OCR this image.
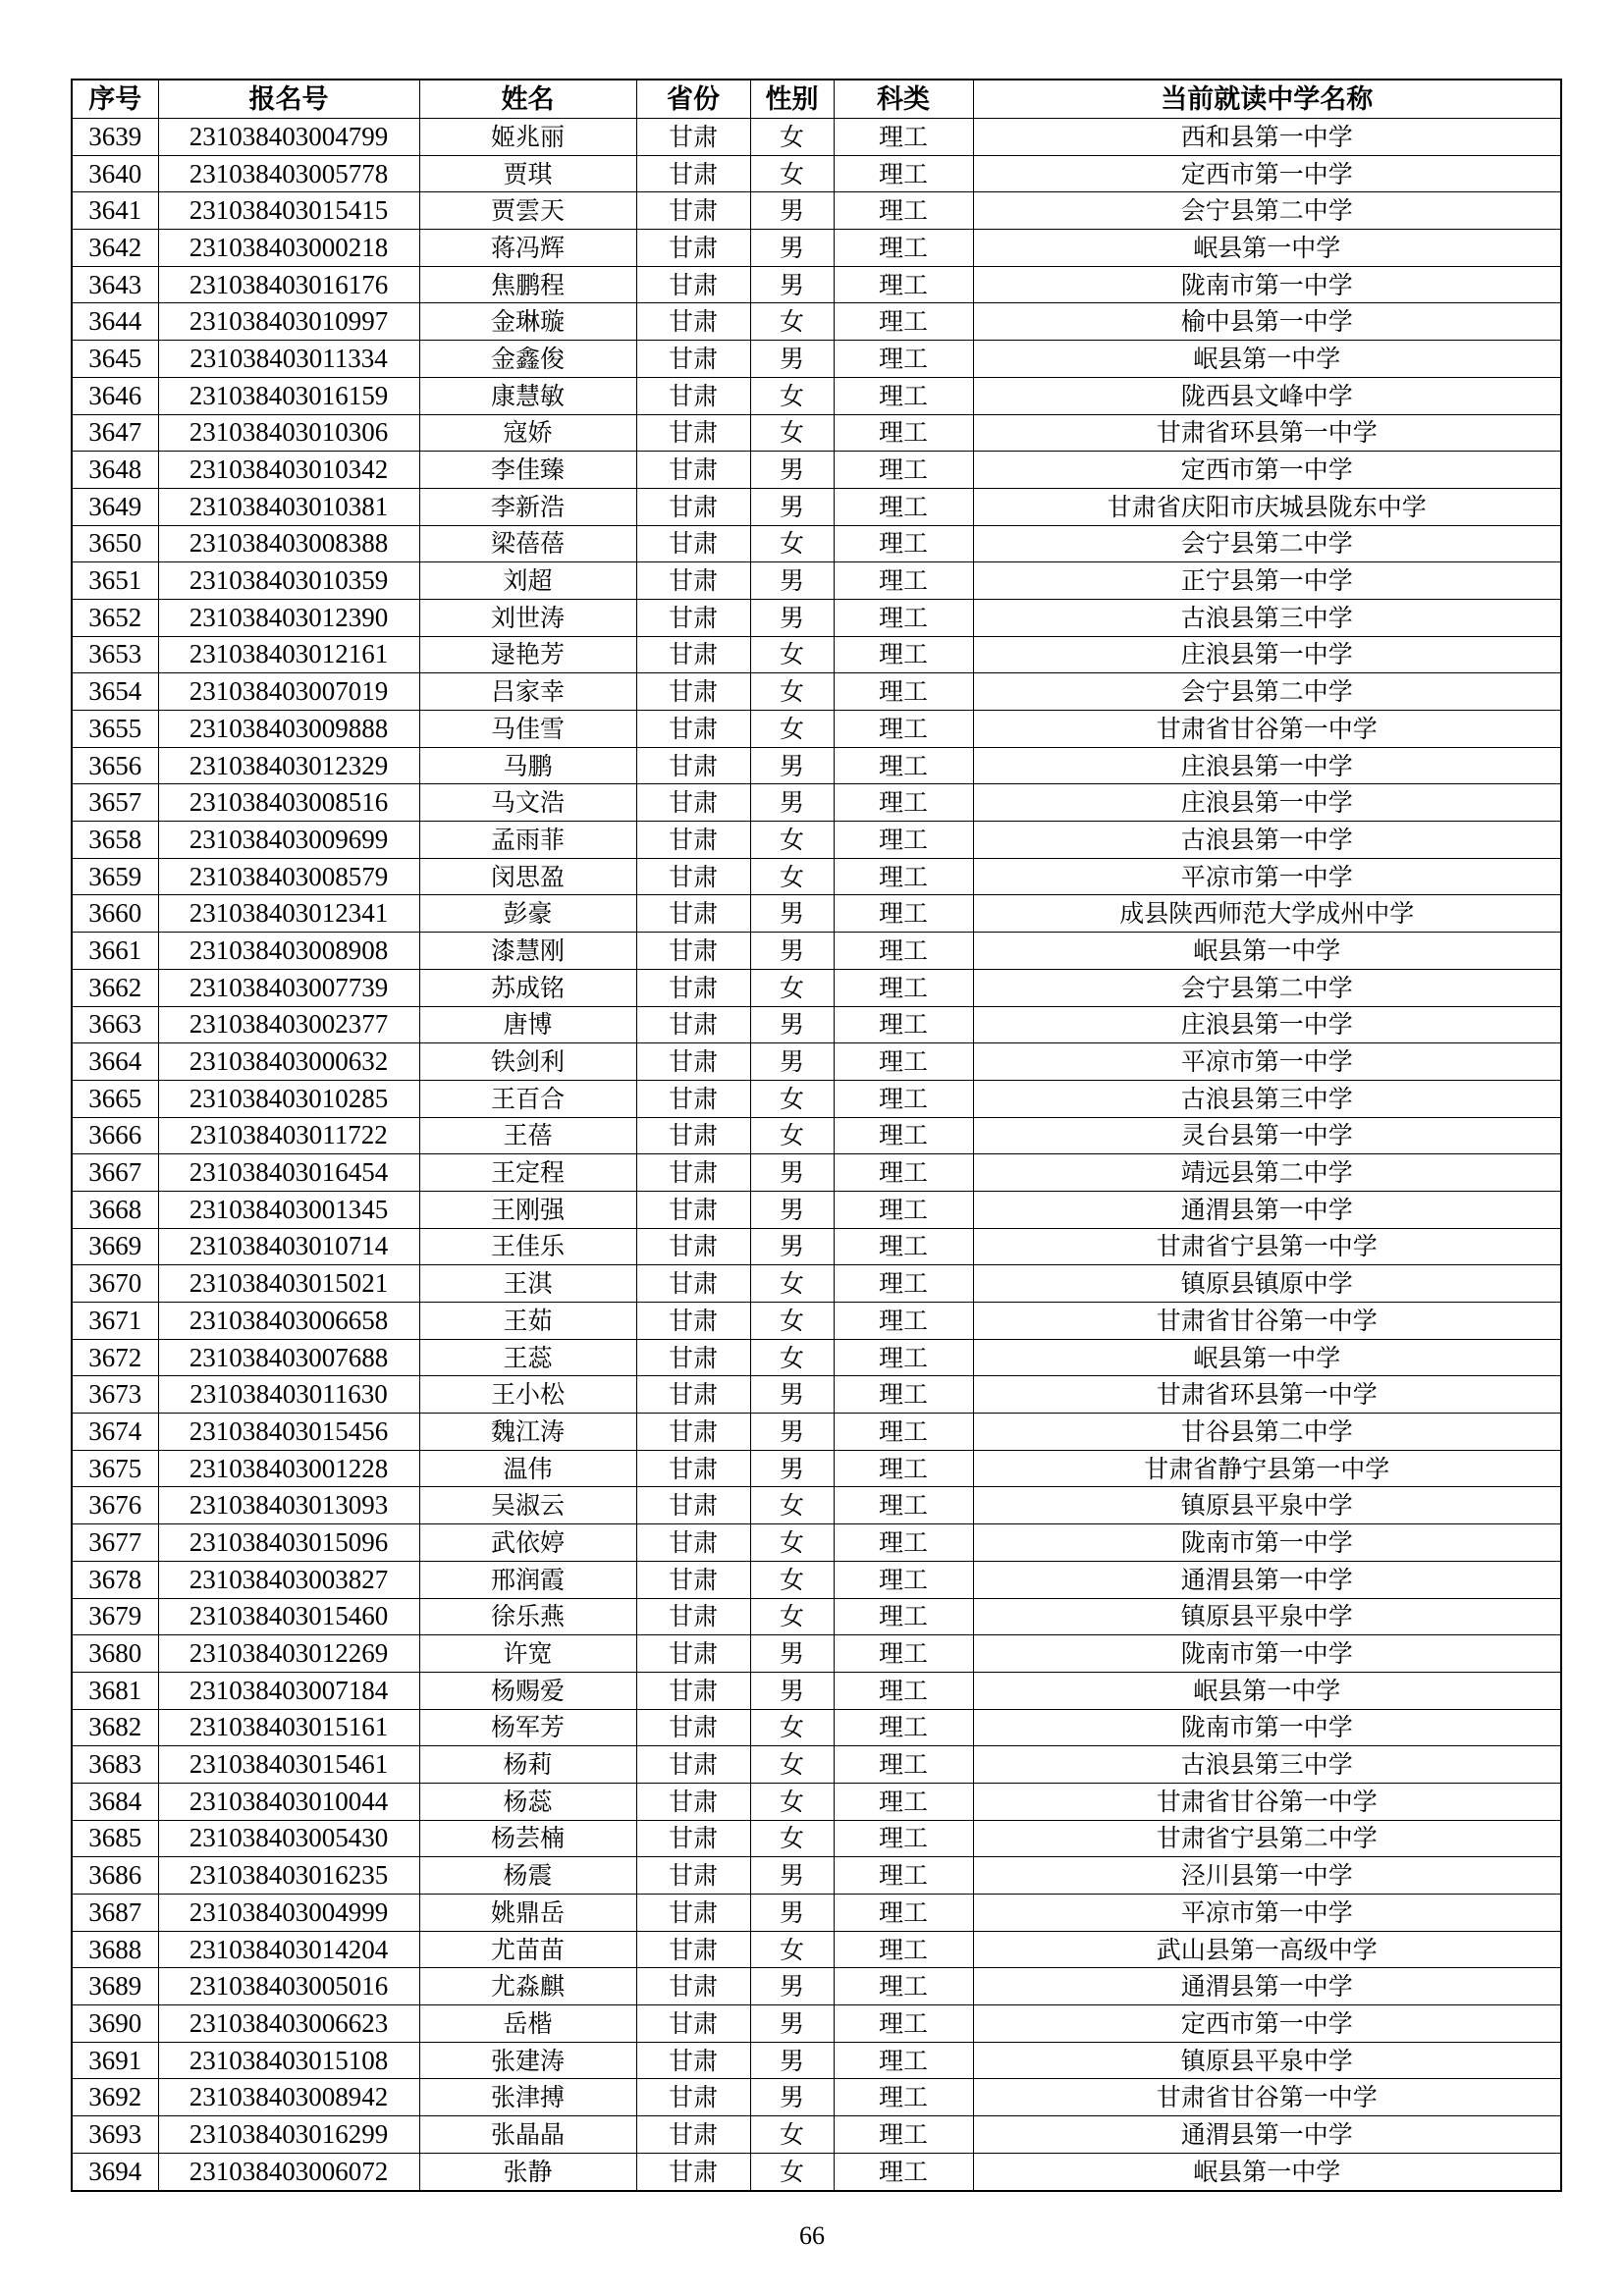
序号	报名号	姓名	省份	性别	科类	当前就读中学名称
3639	231038403004799	姬兆丽	甘肃	女	理工	西和县第一中学
3640	231038403005778	贾琪	甘肃	女	理工	定西市第一中学
3641	231038403015415	贾雲天	甘肃	男	理工	会宁县第二中学
3642	231038403000218	蒋冯辉	甘肃	男	理工	岷县第一中学
3643	231038403016176	焦鹏程	甘肃	男	理工	陇南市第一中学
3644	231038403010997	金琳璇	甘肃	女	理工	榆中县第一中学
3645	231038403011334	金鑫俊	甘肃	男	理工	岷县第一中学
3646	231038403016159	康慧敏	甘肃	女	理工	陇西县文峰中学
3647	231038403010306	寇娇	甘肃	女	理工	甘肃省环县第一中学
3648	231038403010342	李佳臻	甘肃	男	理工	定西市第一中学
3649	231038403010381	李新浩	甘肃	男	理工	甘肃省庆阳市庆城县陇东中学
3650	231038403008388	梁蓓蓓	甘肃	女	理工	会宁县第二中学
3651	231038403010359	刘超	甘肃	男	理工	正宁县第一中学
3652	231038403012390	刘世涛	甘肃	男	理工	古浪县第三中学
3653	231038403012161	逯艳芳	甘肃	女	理工	庄浪县第一中学
3654	231038403007019	吕家幸	甘肃	女	理工	会宁县第二中学
3655	231038403009888	马佳雪	甘肃	女	理工	甘肃省甘谷第一中学
3656	231038403012329	马鹏	甘肃	男	理工	庄浪县第一中学
3657	231038403008516	马文浩	甘肃	男	理工	庄浪县第一中学
3658	231038403009699	孟雨菲	甘肃	女	理工	古浪县第一中学
3659	231038403008579	闵思盈	甘肃	女	理工	平凉市第一中学
3660	231038403012341	彭豪	甘肃	男	理工	成县陕西师范大学成州中学
3661	231038403008908	漆慧刚	甘肃	男	理工	岷县第一中学
3662	231038403007739	苏成铭	甘肃	女	理工	会宁县第二中学
3663	231038403002377	唐博	甘肃	男	理工	庄浪县第一中学
3664	231038403000632	铁剑利	甘肃	男	理工	平凉市第一中学
3665	231038403010285	王百合	甘肃	女	理工	古浪县第三中学
3666	231038403011722	王蓓	甘肃	女	理工	灵台县第一中学
3667	231038403016454	王定程	甘肃	男	理工	靖远县第二中学
3668	231038403001345	王刚强	甘肃	男	理工	通渭县第一中学
3669	231038403010714	王佳乐	甘肃	男	理工	甘肃省宁县第一中学
3670	231038403015021	王淇	甘肃	女	理工	镇原县镇原中学
3671	231038403006658	王茹	甘肃	女	理工	甘肃省甘谷第一中学
3672	231038403007688	王蕊	甘肃	女	理工	岷县第一中学
3673	231038403011630	王小松	甘肃	男	理工	甘肃省环县第一中学
3674	231038403015456	魏江涛	甘肃	男	理工	甘谷县第二中学
3675	231038403001228	温伟	甘肃	男	理工	甘肃省静宁县第一中学
3676	231038403013093	吴淑云	甘肃	女	理工	镇原县平泉中学
3677	231038403015096	武依婷	甘肃	女	理工	陇南市第一中学
3678	231038403003827	邢润霞	甘肃	女	理工	通渭县第一中学
3679	231038403015460	徐乐燕	甘肃	女	理工	镇原县平泉中学
3680	231038403012269	许宽	甘肃	男	理工	陇南市第一中学
3681	231038403007184	杨赐爱	甘肃	男	理工	岷县第一中学
3682	231038403015161	杨军芳	甘肃	女	理工	陇南市第一中学
3683	231038403015461	杨莉	甘肃	女	理工	古浪县第三中学
3684	231038403010044	杨蕊	甘肃	女	理工	甘肃省甘谷第一中学
3685	231038403005430	杨芸楠	甘肃	女	理工	甘肃省宁县第二中学
3686	231038403016235	杨震	甘肃	男	理工	泾川县第一中学
3687	231038403004999	姚鼎岳	甘肃	男	理工	平凉市第一中学
3688	231038403014204	尤苗苗	甘肃	女	理工	武山县第一高级中学
3689	231038403005016	尤淼麒	甘肃	男	理工	通渭县第一中学
3690	231038403006623	岳楷	甘肃	男	理工	定西市第一中学
3691	231038403015108	张建涛	甘肃	男	理工	镇原县平泉中学
3692	231038403008942	张津搏	甘肃	男	理工	甘肃省甘谷第一中学
3693	231038403016299	张晶晶	甘肃	女	理工	通渭县第一中学
3694	231038403006072	张静	甘肃	女	理工	岷县第一中学
66
